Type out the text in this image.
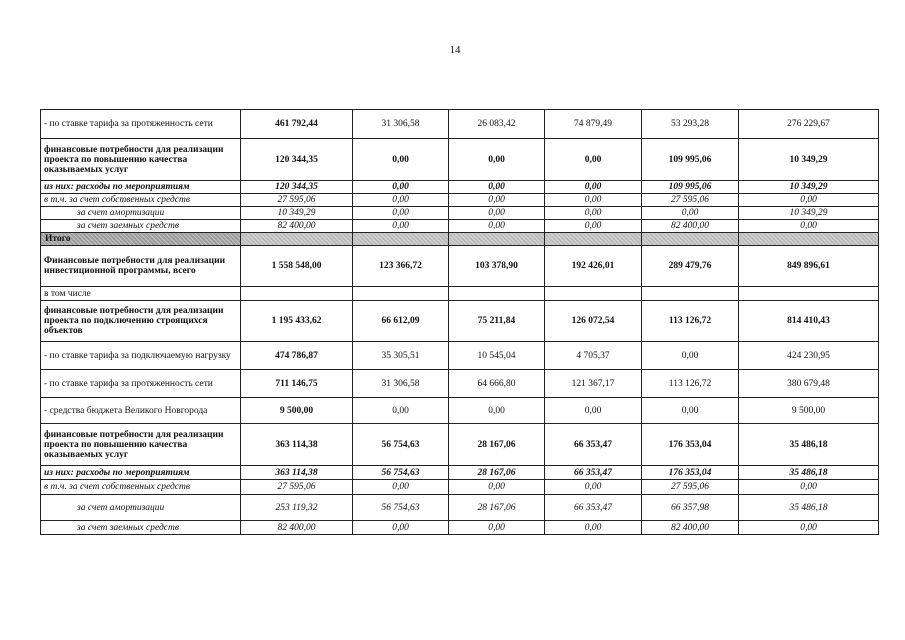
14
- по ставке тарифа за протяженность сети	461 792,44	31 306,58	26 083,42	74 879,49	53 293,28	276 229,67
финансовые потребности для реализации проекта по повышению качества оказываемых услуг	120 344,35	0,00	0,00	0,00	109 995,06	10 349,29
из них: расходы по мероприятиям	120 344,35	0,00	0,00	0,00	109 995,06	10 349,29
в т.ч. за счет собственных средств	27 595,06	0,00	0,00	0,00	27 595,06	0,00
за счет амортизации	10 349,29	0,00	0,00	0,00	0,00	10 349,29
за счет заемных средств	82 400,00	0,00	0,00	0,00	82 400,00	0,00
Итого						
Финансовые потребности для реализации инвестиционной программы, всего	1 558 548,00	123 366,72	103 378,90	192 426,01	289 479,76	849 896,61
в том числе						
финансовые потребности для реализации проекта по подключению строящихся объектов	1 195 433,62	66 612,09	75 211,84	126 072,54	113 126,72	814 410,43
- по ставке тарифа за подключаемую нагрузку	474 786,87	35 305,51	10 545,04	4 705,37	0,00	424 230,95
- по ставке тарифа за протяженность сети	711 146,75	31 306,58	64 666,80	121 367,17	113 126,72	380 679,48
- средства бюджета Великого Новгорода	9 500,00	0,00	0,00	0,00	0,00	9 500,00
финансовые потребности для реализации проекта по повышению качества оказываемых услуг	363 114,38	56 754,63	28 167,06	66 353,47	176 353,04	35 486,18
из них: расходы по мероприятиям	363 114,38	56 754,63	28 167,06	66 353,47	176 353,04	35 486,18
в т.ч. за счет собственных средств	27 595,06	0,00	0,00	0,00	27 595,06	0,00
за счет амортизации	253 119,32	56 754,63	28 167,06	66 353,47	66 357,98	35 486,18
за счет заемных средств	82 400,00	0,00	0,00	0,00	82 400,00	0,00
